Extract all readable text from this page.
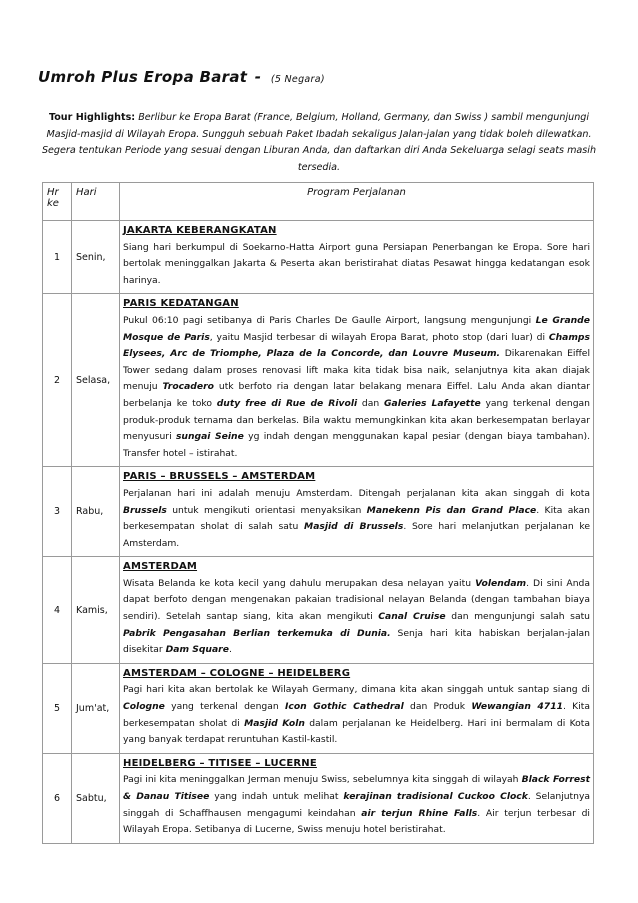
Umroh Plus Eropa Barat - (5 Negara)
Tour Highlights: Berlibur ke Eropa Barat (France, Belgium, Holland, Germany, dan Swiss ) sambil mengunjungi Masjid-masjid di Wilayah Eropa. Sungguh sebuah Paket Ibadah sekaligus Jalan-jalan yang tidak boleh dilewatkan. Segera tentukan Periode yang sesuai dengan Liburan Anda, dan daftarkan diri Anda Sekeluarga selagi seats masih tersedia.
Hr ke	Hari	Program Perjalanan
1	Senin,	JAKARTA KEBERANGKATAN
Siang hari berkumpul di Soekarno-Hatta Airport guna Persiapan Penerbangan ke Eropa. Sore hari bertolak meninggalkan Jakarta & Peserta akan beristirahat diatas Pesawat hingga kedatangan esok harinya.
2	Selasa,	PARIS KEDATANGAN
Pukul 06:10 pagi setibanya di Paris Charles De Gaulle Airport, langsung mengunjungi Le Grande Mosque de Paris, yaitu Masjid terbesar di wilayah Eropa Barat, photo stop (dari luar) di Champs Elysees, Arc de Triomphe, Plaza de la Concorde, dan Louvre Museum. Dikarenakan Eiffel Tower sedang dalam proses renovasi lift maka kita tidak bisa naik, selanjutnya kita akan diajak menuju Trocadero utk berfoto ria dengan latar belakang menara Eiffel. Lalu Anda akan diantar berbelanja ke toko duty free di Rue de Rivoli dan Galeries Lafayette yang terkenal dengan produk-produk ternama dan berkelas. Bila waktu memungkinkan kita akan berkesempatan berlayar menyusuri sungai Seine yg indah dengan menggunakan kapal pesiar (dengan biaya tambahan). Transfer hotel – istirahat.
3	Rabu,	PARIS – BRUSSELS – AMSTERDAM
Perjalanan hari ini adalah menuju Amsterdam. Ditengah perjalanan kita akan singgah di kota Brussels untuk mengikuti orientasi menyaksikan Manekenn Pis dan Grand Place. Kita akan berkesempatan sholat di salah satu Masjid di Brussels. Sore hari melanjutkan perjalanan ke Amsterdam.
4	Kamis,	AMSTERDAM
Wisata Belanda ke kota kecil yang dahulu merupakan desa nelayan yaitu Volendam. Di sini Anda dapat berfoto dengan mengenakan pakaian tradisional nelayan Belanda (dengan tambahan biaya sendiri). Setelah santap siang, kita akan mengikuti Canal Cruise dan mengunjungi salah satu Pabrik Pengasahan Berlian terkemuka di Dunia. Senja hari kita habiskan berjalan-jalan disekitar Dam Square.
5	Jum'at,	AMSTERDAM – COLOGNE – HEIDELBERG
Pagi hari kita akan bertolak ke Wilayah Germany, dimana kita akan singgah untuk santap siang di Cologne yang terkenal dengan Icon Gothic Cathedral dan Produk Wewangian 4711. Kita berkesempatan sholat di Masjid Koln dalam perjalanan ke Heidelberg. Hari ini bermalam di Kota yang banyak terdapat reruntuhan Kastil-kastil.
6	Sabtu,	HEIDELBERG – TITISEE – LUCERNE
Pagi ini kita meninggalkan Jerman menuju Swiss, sebelumnya kita singgah di wilayah Black Forrest & Danau Titisee yang indah untuk melihat kerajinan tradisional Cuckoo Clock. Selanjutnya singgah di Schaffhausen mengagumi keindahan air terjun Rhine Falls. Air terjun terbesar di Wilayah Eropa. Setibanya di Lucerne, Swiss menuju hotel beristirahat.
